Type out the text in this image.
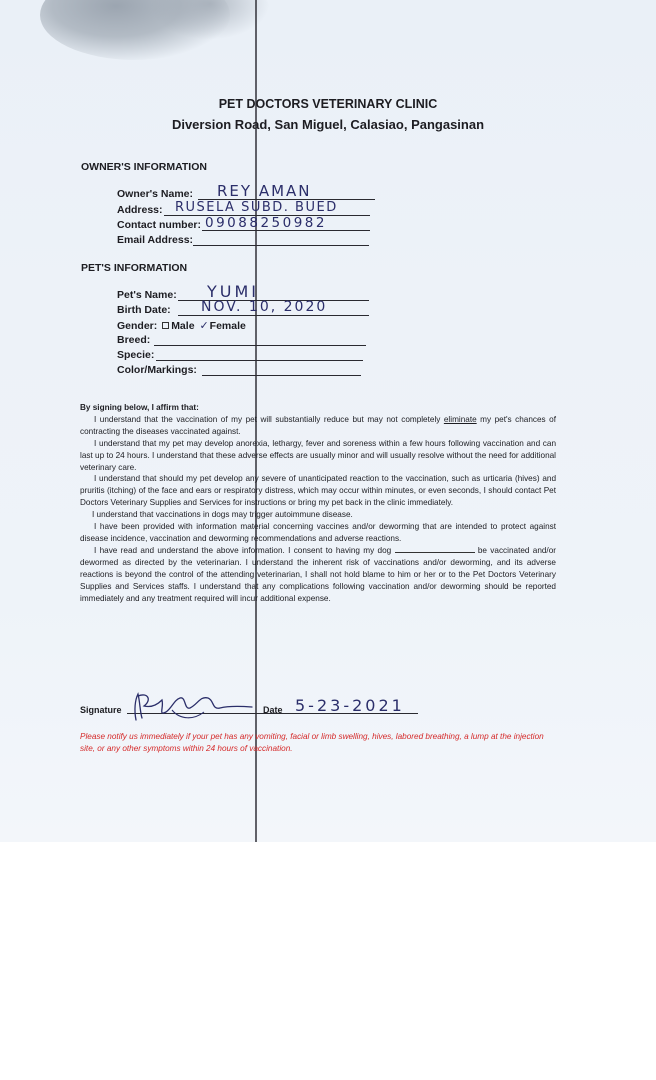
PET DOCTORS VETERINARY CLINIC
Diversion Road, San Miguel, Calasiao, Pangasinan
OWNER'S INFORMATION
Owner's Name: REY AMAN
Address: RUSELA SUBD. BUED
Contact number: 09088250982
Email Address:
PET'S INFORMATION
Pet's Name: YUMI
Birth Date: NOV. 10, 2020
Gender: Male ✓Female
Breed:
Specie:
Color/Markings:

By signing below, I affirm that:

I understand that the vaccination of my pet will substantially reduce but may not completely eliminate my pet's chances of contracting the diseases vaccinated against.

I understand that my pet may develop anorexia, lethargy, fever and soreness within a few hours following vaccination and can last up to 24 hours. I understand that these adverse effects are usually minor and will usually resolve without the need for additional veterinary care.

I understand that should my pet develop any severe of unanticipated reaction to the vaccination, such as urticaria (hives) and pruritis (itching) of the face and ears or respiratory distress, which may occur within minutes, or even seconds, I should contact Pet Doctors Veterinary Supplies and Services for instructions or bring my pet back in the clinic immediately.

I understand that vaccinations in dogs may trigger autoimmune disease.

I have been provided with information material concerning vaccines and/or deworming that are intended to protect against disease incidence, vaccination and deworming recommendations and adverse reactions.

I have read and understand the above information. I consent to having my dog	be vaccinated and/or dewormed as directed by the veterinarian. I understand the inherent risk of vaccinations and/or deworming, and its adverse reactions is beyond the control of the attending veterinarian, I shall not hold blame to him or her or to the Pet Doctors Veterinary Supplies and Services staffs. I understand that any complications following vaccination and/or deworming should be reported immediately and any treatment required will incur additional expense.

Signature	Date 5-23-2021
Please notify us immediately if your pet has any vomiting, facial or limb swelling, hives, labored breathing, a lump at the injection site, or any other symptoms within 24 hours of vaccination.
